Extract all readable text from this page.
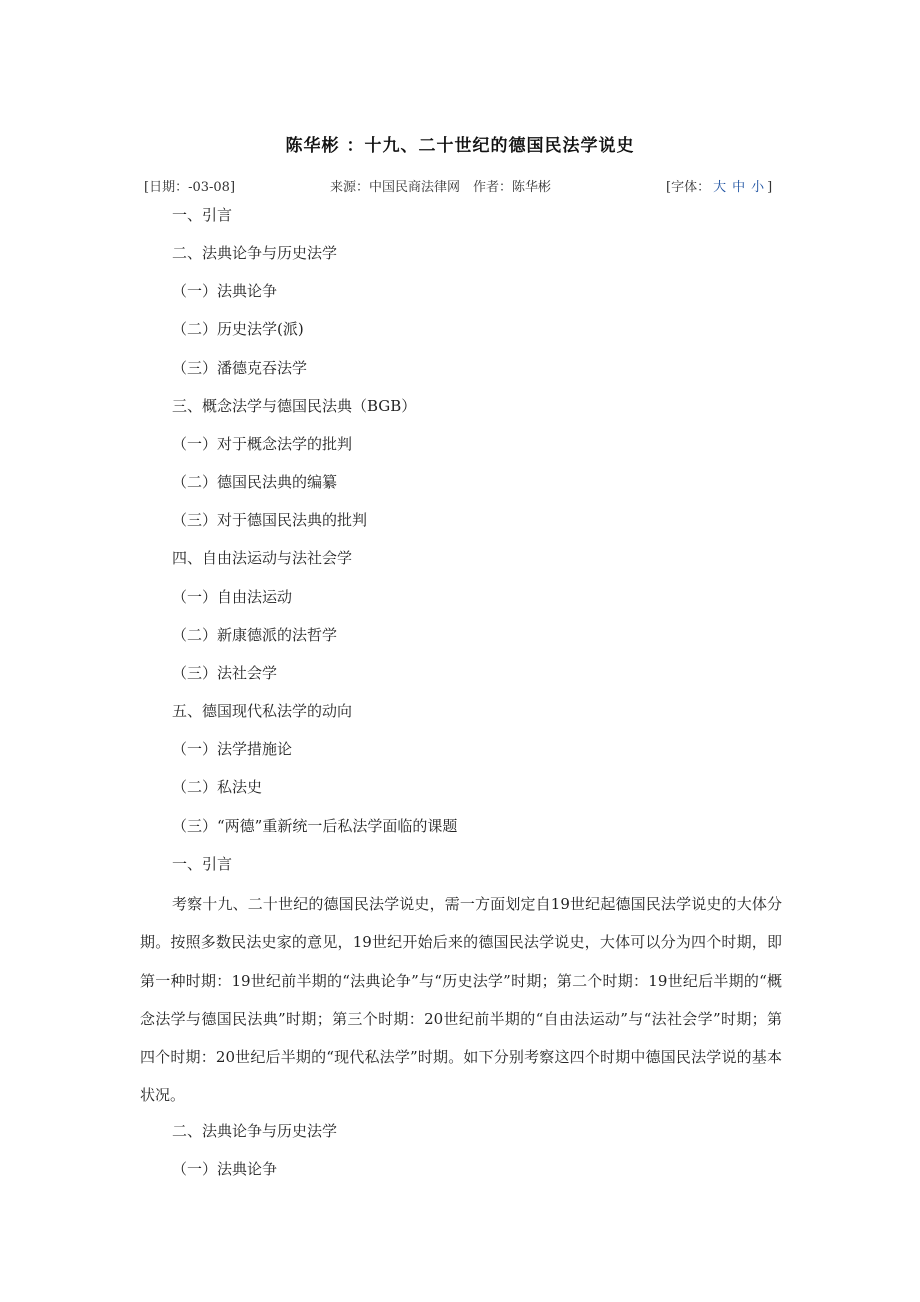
陈华彬 ：十九、二十世纪的德国民法学说史
[日期：-03-08]	来源：中国民商法律网　作者：陈华彬	[字体： 大 中 小 ]
一、引言
二、法典论争与历史法学
（一）法典论争
（二）历史法学(派)
（三）潘德克吞法学
三、概念法学与德国民法典（BGB）
（一）对于概念法学的批判
（二）德国民法典的编纂
（三）对于德国民法典的批判
四、自由法运动与法社会学
（一）自由法运动
（二）新康德派的法哲学
（三）法社会学
五、德国现代私法学的动向
（一）法学措施论
（二）私法史
（三）“两德”重新统一后私法学面临的课题
一、引言
考察十九、二十世纪的德国民法学说史，需一方面划定自19世纪起德国民法学说史的大体分期。按照多数民法史家的意见，19世纪开始后来的德国民法学说史，大体可以分为四个时期，即第一种时期：19世纪前半期的“法典论争”与“历史法学”时期；第二个时期：19世纪后半期的“概念法学与德国民法典”时期；第三个时期：20世纪前半期的“自由法运动”与“法社会学”时期；第四个时期：20世纪后半期的“现代私法学”时期。如下分别考察这四个时期中德国民法学说的基本状况。
二、法典论争与历史法学
（一）法典论争
